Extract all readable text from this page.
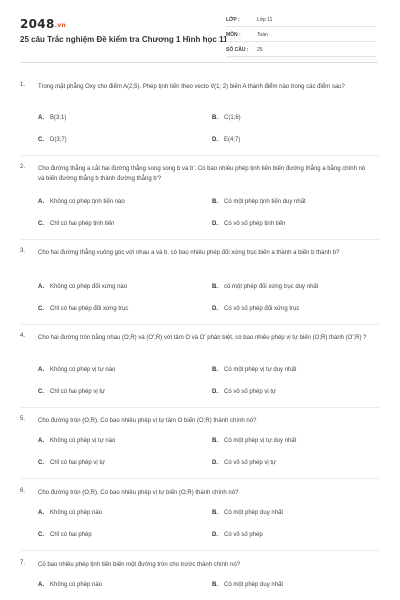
2048.vn
25 câu Trắc nghiệm Đề kiểm tra Chương 1 Hình học 11
LỚP :	Lớp 11
MÔN :	Toán
SỐ CÂU : 25
1. Trong mặt phẳng Oxy cho điểm A(2;5). Phép tịnh tiến theo vecto v⃗(1; 2) biến A thành điểm nào trong các điểm sau?
A. B(3;1)	B. C(1;6)
C. D(3;7)	D. E(4;7)
2. Cho đường thẳng a cắt hai đường thẳng song song b và b'. Có bao nhiêu phép tịnh tiến biến đường thẳng a bằng chính nó và biến đường thẳng b thành đường thẳng b'?
A. Không có phép tịnh tiến nào	B. Có một phép tịnh tiến duy nhất
C. Chỉ có hai phép tịnh tiến	D. Có vô số phép tịnh tiến
3. Cho hai đường thẳng vuông góc với nhau a và b. có bao nhiêu phép đối xứng trục biến a thành a biến b thành b?
A. Không có phép đối xứng nào	B. có một phép đối xứng trục duy nhất
C. Chỉ có hai phép đối xứng trục	D. Có vô số phép đối xứng trục
4. Cho hai đường tròn bằng nhau (O;R) và (O';R) với tâm O và O' phân biệt. có bao nhiêu phép vị tự biến (O;R) thành (O';R) ?
A. Không có phép vị tự nào	B. Có một phép vị tự duy nhất
C. Chỉ có hai phép vị tự	D. Có vô số phép vị tự
5. Cho đường tròn (O;R). Có bao nhiêu phép vị tự tâm O biến (O;R) thành chính nó?
A. Không có phép vị tự nào	B. Có một phép vị tự duy nhất
C. Chỉ có hai phép vị tự	D. Có vô số phép vị tự
6. Cho đường tròn (O;R). Có bao nhiêu phép vị tự biến (O;R) thành chính nó?
A. Không có phép nào	B. Có một phép duy nhất
C. Chỉ có hai phép	D. Có vô số phép
7. Có bao nhiêu phép tịnh tiến biến một đường tròn cho trước thành chính nó?
A. Không có phép nào	B. Có một phép duy nhất
